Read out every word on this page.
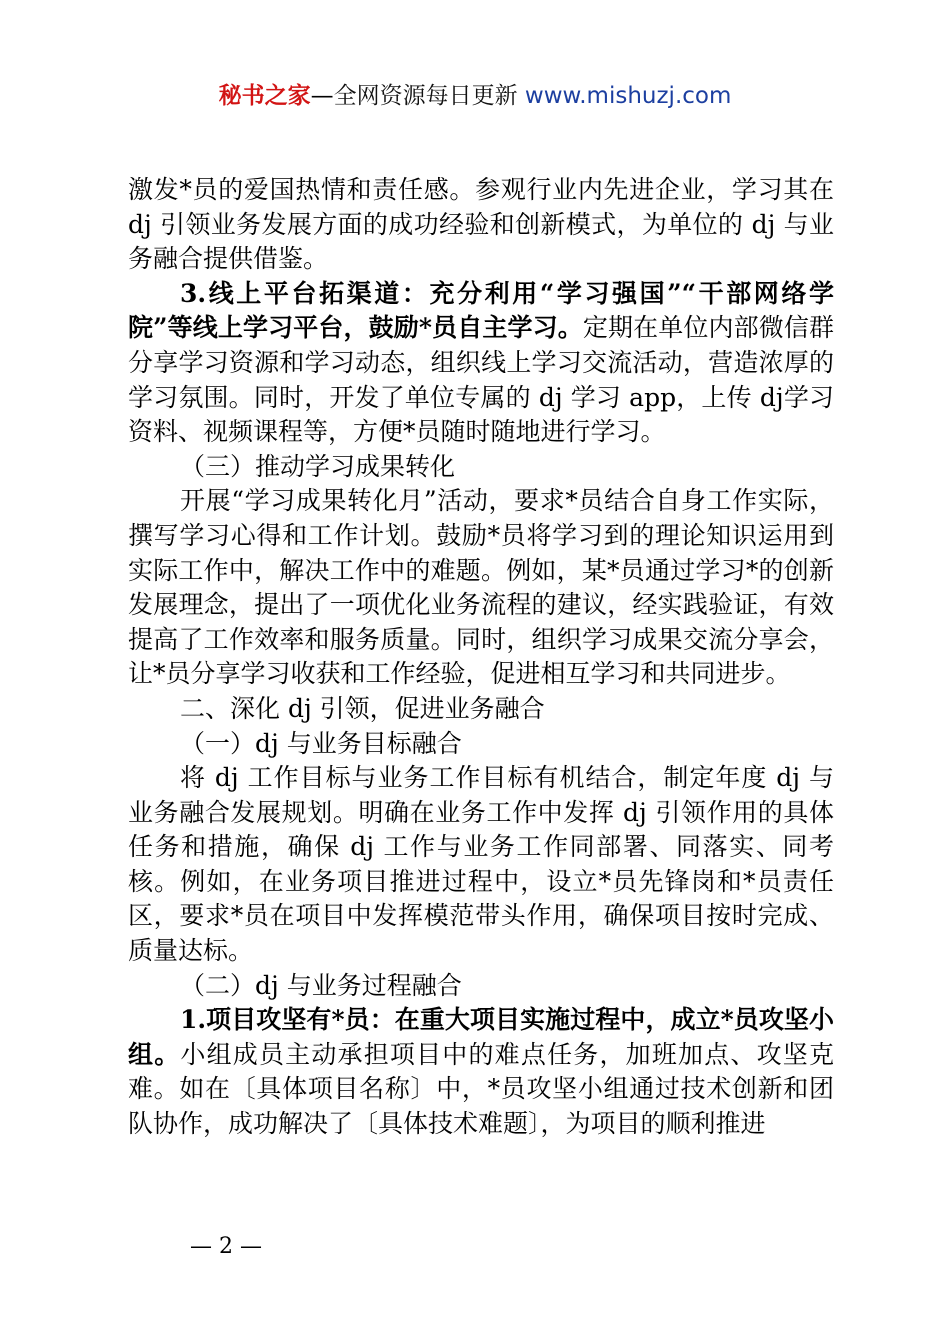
秘书之家—全网资源每日更新 www.mishuzj.com

激发*员的爱国热情和责任感。参观行业内先进企业，学习其在dj 引领业务发展方面的成功经验和创新模式，为单位的 dj 与业务融合提供借鉴。

3.线上平台拓渠道：充分利用“学习强国”“干部网络学院”等线上学习平台，鼓励*员自主学习。定期在单位内部微信群分享学习资源和学习动态，组织线上学习交流活动，营造浓厚的学习氛围。同时，开发了单位专属的 dj 学习 app，上传 dj学习资料、视频课程等，方便*员随时随地进行学习。

（三）推动学习成果转化

开展“学习成果转化月”活动，要求*员结合自身工作实际，撰写学习心得和工作计划。鼓励*员将学习到的理论知识运用到实际工作中，解决工作中的难题。例如，某*员通过学习*的创新发展理念，提出了一项优化业务流程的建议，经实践验证，有效提高了工作效率和服务质量。同时，组织学习成果交流分享会，让*员分享学习收获和工作经验，促进相互学习和共同进步。

二、深化 dj 引领，促进业务融合

（一）dj 与业务目标融合

将 dj 工作目标与业务工作目标有机结合，制定年度 dj 与业务融合发展规划。明确在业务工作中发挥 dj 引领作用的具体任务和措施，确保 dj 工作与业务工作同部署、同落实、同考核。例如，在业务项目推进过程中，设立*员先锋岗和*员责任区，要求*员在项目中发挥模范带头作用，确保项目按时完成、质量达标。

（二）dj 与业务过程融合

1.项目攻坚有*员：在重大项目实施过程中，成立*员攻坚小组。小组成员主动承担项目中的难点任务，加班加点、攻坚克难。如在〔具体项目名称〕中，*员攻坚小组通过技术创新和团队协作，成功解决了〔具体技术难题〕，为项目的顺利推进

— 2 —
